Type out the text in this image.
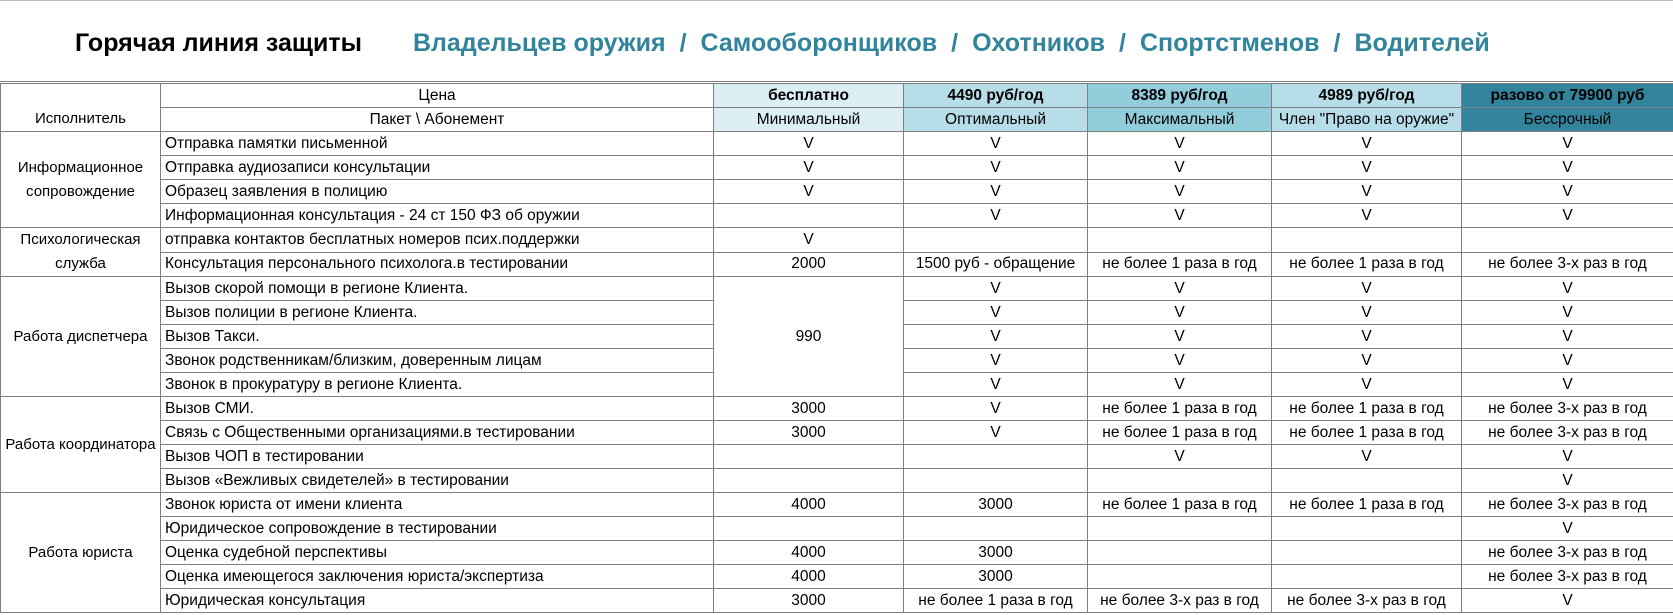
Горячая линия защиты Владельцев оружия / Самооборонщиков / Охотников / Спортстменов / Водителей
Исполнитель	Цена	бесплатно	4490 руб/год	8389 руб/год	4989 руб/год	разово от 79900 руб
	Пакет \ Абонемент	Минимальный	Оптимальный	Максимальный	Член "Право на оружие"	Бессрочный
Информационное сопровождение	Отправка памятки письменной	V	V	V	V	V
	Отправка аудиозаписи консультации	V	V	V	V	V
	Образец заявления в полицию	V	V	V	V	V
	Информационная консультация - 24 ст 150 ФЗ об оружии		V	V	V	V
Психологическая служба	отправка контактов бесплатных номеров псих.поддержки	V				
	Консультация персонального психолога.в тестировании	2000	1500 руб - обращение	не более 1 раза в год	не более 1 раза в год	не более 3-х раз в год
Работа диспетчера	Вызов скорой помощи в регионе Клиента.	990	V	V	V	V
	Вызов полиции в регионе Клиента.		V	V	V	V
	Вызов Такси.		V	V	V	V
	Звонок родственникам/близким, доверенным лицам		V	V	V	V
	Звонок в прокуратуру в регионе Клиента.		V	V	V	V
Работа координатора	Вызов СМИ.	3000	V	не более 1 раза в год	не более 1 раза в год	не более 3-х раз в год
	Связь с Общественными организациями.в тестировании	3000	V	не более 1 раза в год	не более 1 раза в год	не более 3-х раз в год
	Вызов ЧОП в тестировании			V	V	V
	Вызов «Вежливых свидетелей» в тестировании					V
Работа юриста	Звонок юриста от имени клиента	4000	3000	не более 1 раза в год	не более 1 раза в год	не более 3-х раз в год
	Юридическое сопровождение в тестировании					V
	Оценка судебной перспективы	4000	3000			не более 3-х раз в год
	Оценка имеющегося заключения юриста/экспертиза	4000	3000			не более 3-х раз в год
	Юридическая консультация	3000	не более 1 раза в год	не более 3-х раз в год	не более 3-х раз в год	V
